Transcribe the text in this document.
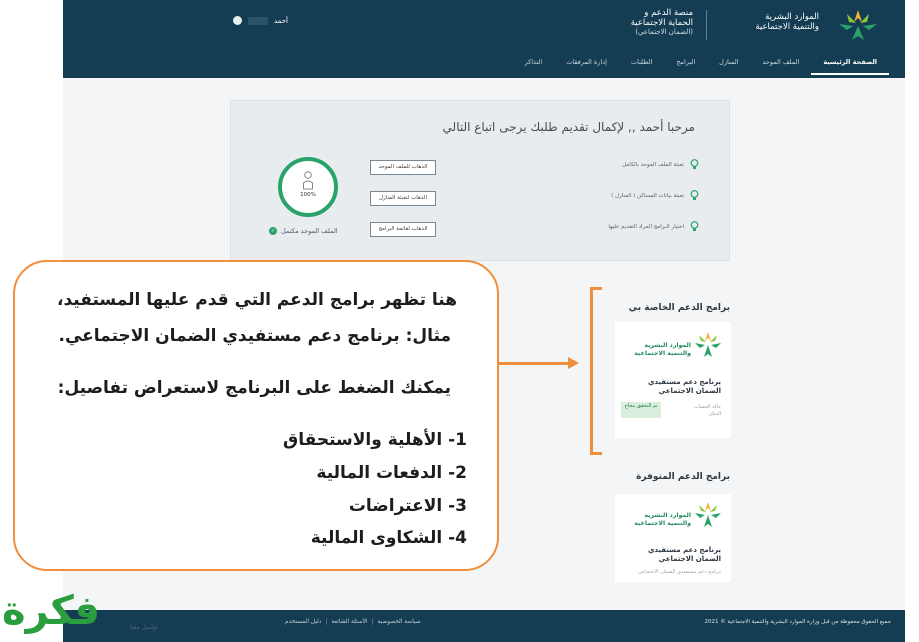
الموارد البشرية
والتنمية الاجتماعية
منصة الدعم و
الحماية الاجتماعية
(الضمان الاجتماعي)
أحمد
الصفحة الرئيسية
الملف الموحد
المنازل
البرامج
الطلبات
إدارة المرفقات
التذاكر
مرحبا أحمد ,, لإكمال تقديم طلبك يرجى اتباع التالي
تعبئة الملف الموحد بالكامل
الذهاب للملف الموحد
تعبئة بيانات المساكن ( المنازل )
الذهاب لتعبئة المنازل
اختيار البرامج المراد التقديم عليها
الذهاب لقائمة البرامج
100%
الملف الموحد مكتمل
✓
برامج الدعم الخاصة بي
الموارد البشرية
والتنمية الاجتماعية
برنامج دعم مستفيدي الضمان الاجتماعي
حالة الحساب
البنكي
تم التحقق بنجاح
برامج الدعم المتوفرة
الموارد البشرية
والتنمية الاجتماعية
برنامج دعم مستفيدي الضمان الاجتماعي
برنامج دعم مستفيدي الضمان الاجتماعي
جميع الحقوق محفوظة من قبل وزارة الموارد البشرية والتنمية الاجتماعية © 2021
سياسة الخصوصية
|
الأسئلة الشائعة
|
دليل المستخدم
هنا تظهر برامج الدعم التي قدم عليها المستفيد،
مثال: برنامج دعم مستفيدي الضمان الاجتماعي.
يمكنك الضغط على البرنامج لاستعراض تفاصيل:
1- الأهلية والاستحقاق
2- الدفعات المالية
3- الاعتراضات
4- الشكاوى المالية
فكرة	تواصل معنا
